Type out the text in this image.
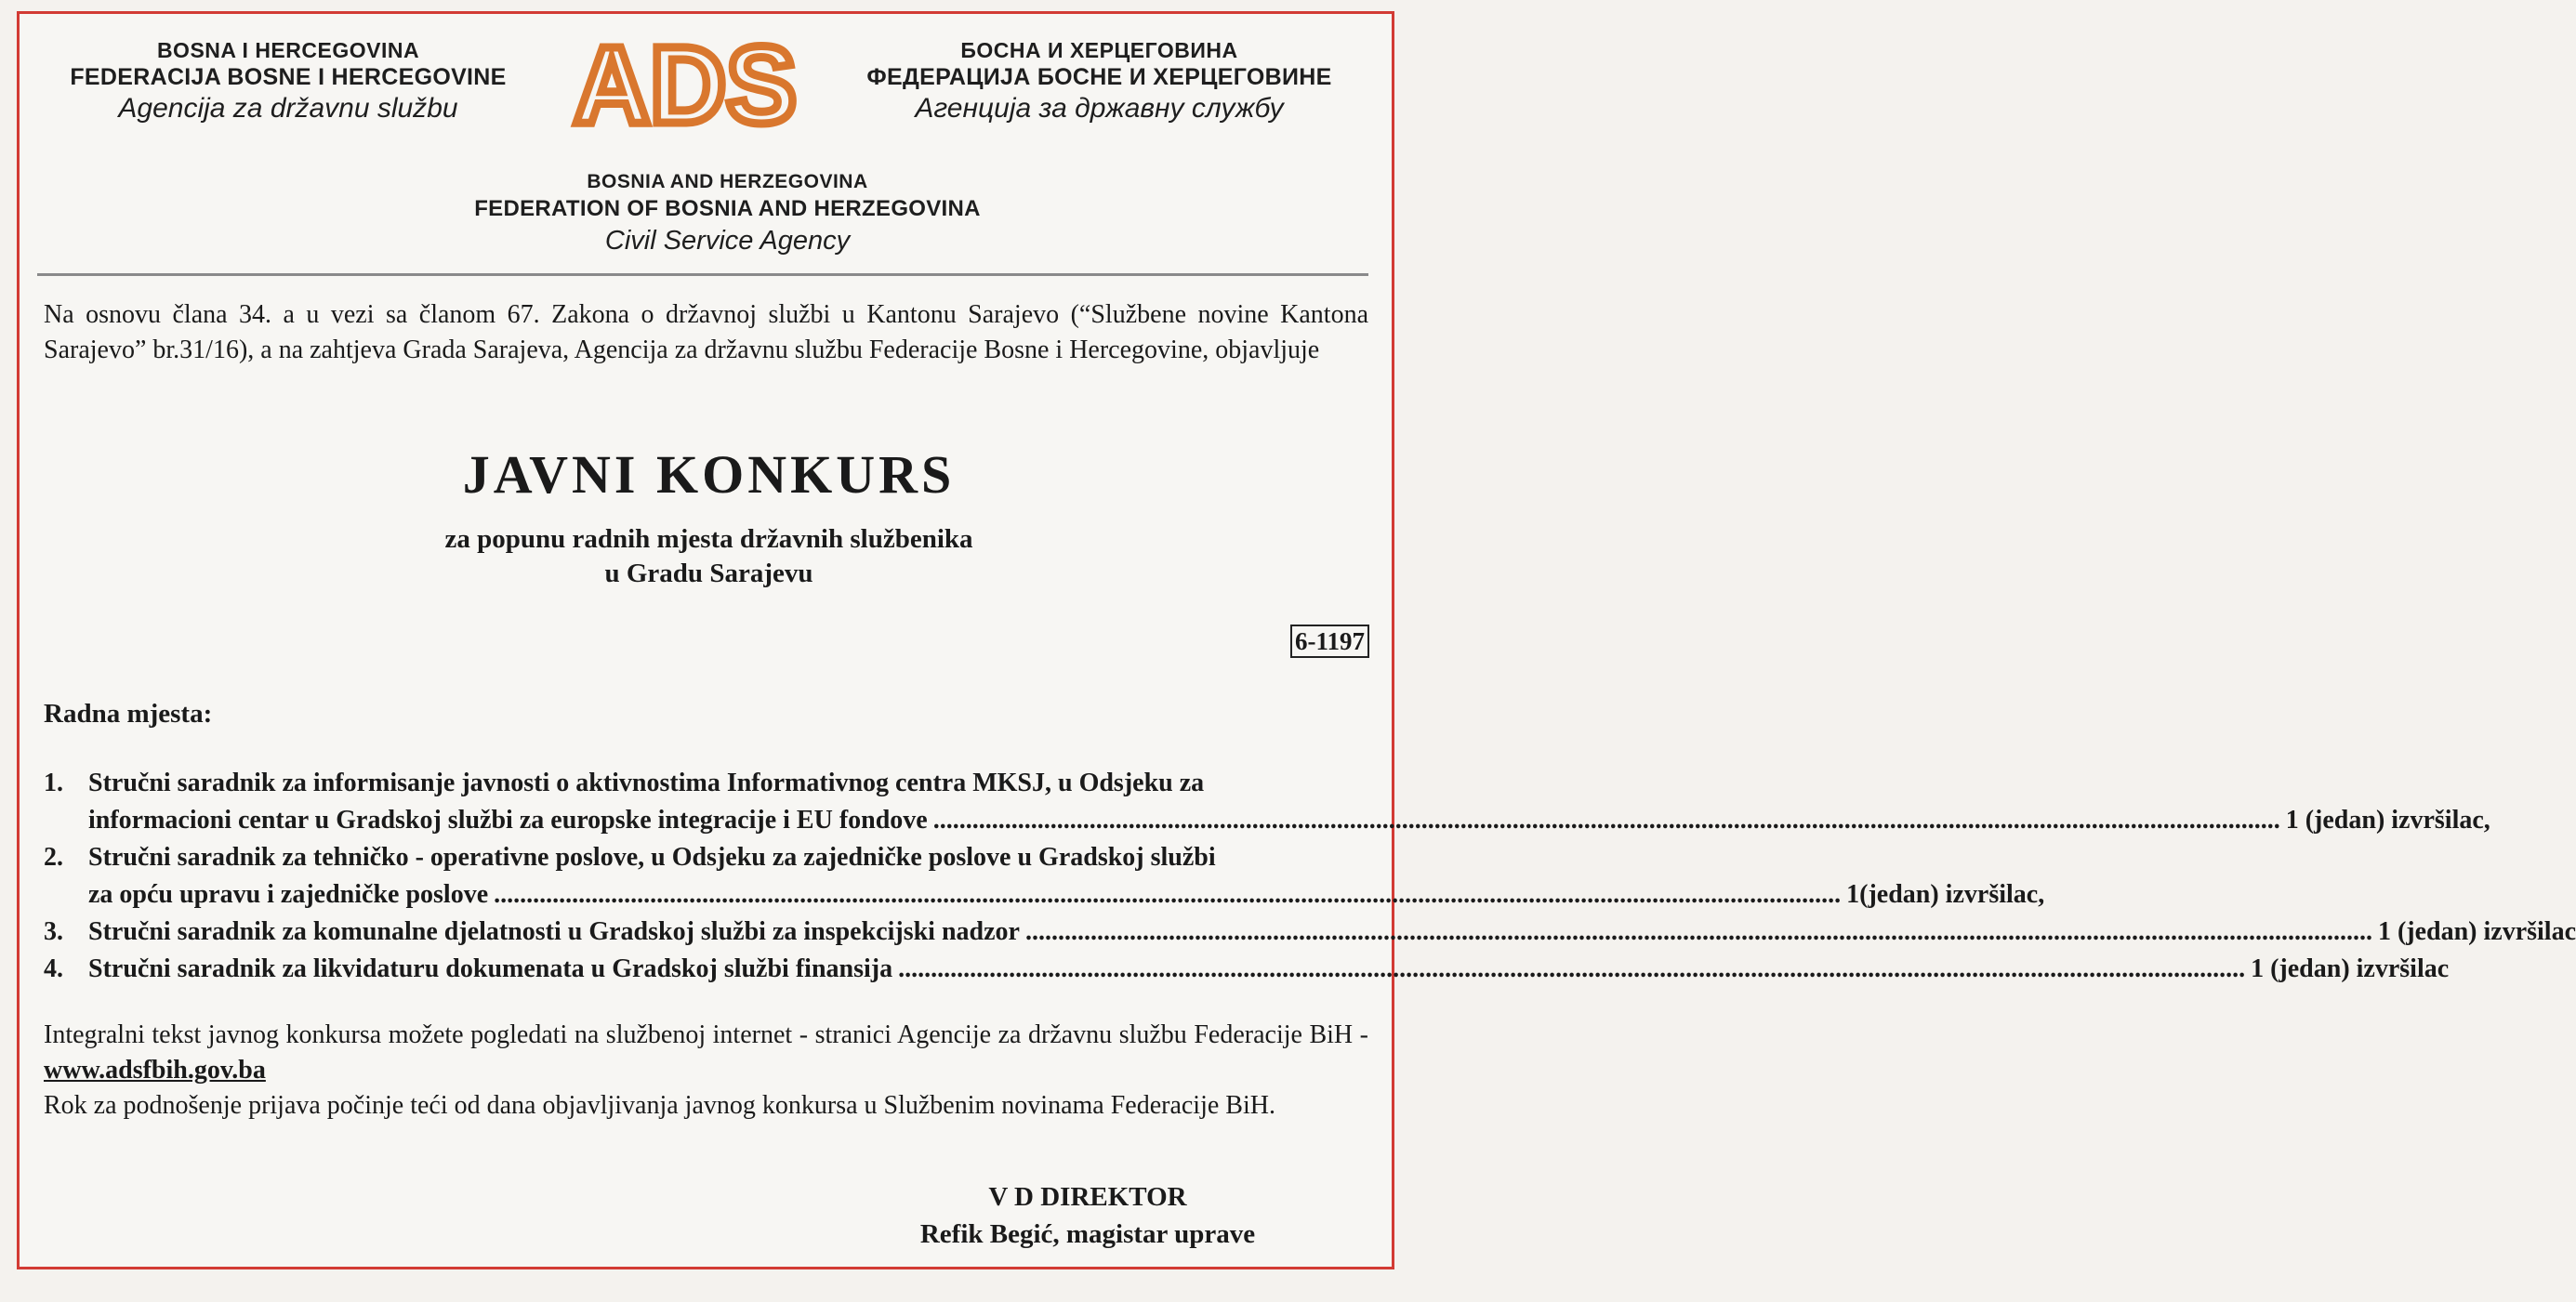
BOSNA I HERCEGOVINA
FEDERACIJA BOSNE I HERCEGOVINE
Agencija za državnu službu	ADS	БОСНА И ХЕРЦЕГОВИНА
ФЕДЕРАЦИЈА БОСНЕ И ХЕРЦЕГОВИНЕ
Агенција за државну службу
BOSNIA AND HERZEGOVINA
FEDERATION OF BOSNIA AND HERZEGOVINA
Civil Service Agency
Na osnovu člana 34. a u vezi sa članom 67. Zakona o državnoj službi u Kantonu Sarajevo (“Službene novine Kantona Sarajevo” br.31/16), a na zahtjeva Grada Sarajeva, Agencija za državnu službu Federacije Bosne i Hercegovine, objavljuje
JAVNI KONKURS
za popunu radnih mjesta državnih službenika
u Gradu Sarajevu
6-1197
Radna mjesta:
1. Stručni saradnik za informisanje javnosti o aktivnostima Informativnog centra MKSJ, u Odsjeku za
informacioni centar u Gradskoj službi za europske integracije i EU fondove .....	1 (jedan) izvršilac,
2. Stručni saradnik za tehničko - operativne poslove, u Odsjeku za zajedničke poslove u Gradskoj službi
za opću upravu i zajedničke poslove .....	1(jedan) izvršilac,
3. Stručni saradnik za komunalne djelatnosti u Gradskoj službi za inspekcijski nadzor .....	1 (jedan) izvršilac
4. Stručni saradnik za likvidaturu dokumenata u Gradskoj službi finansija .....	1 (jedan) izvršilac
Integralni tekst javnog konkursa možete pogledati na službenoj internet - stranici Agencije za državnu službu Federacije BiH - www.adsfbih.gov.ba
Rok za podnošenje prijava počinje teći od dana objavljivanja javnog konkursa u Službenim novinama Federacije BiH.
V D DIREKTOR
Refik Begić, magistar uprave
